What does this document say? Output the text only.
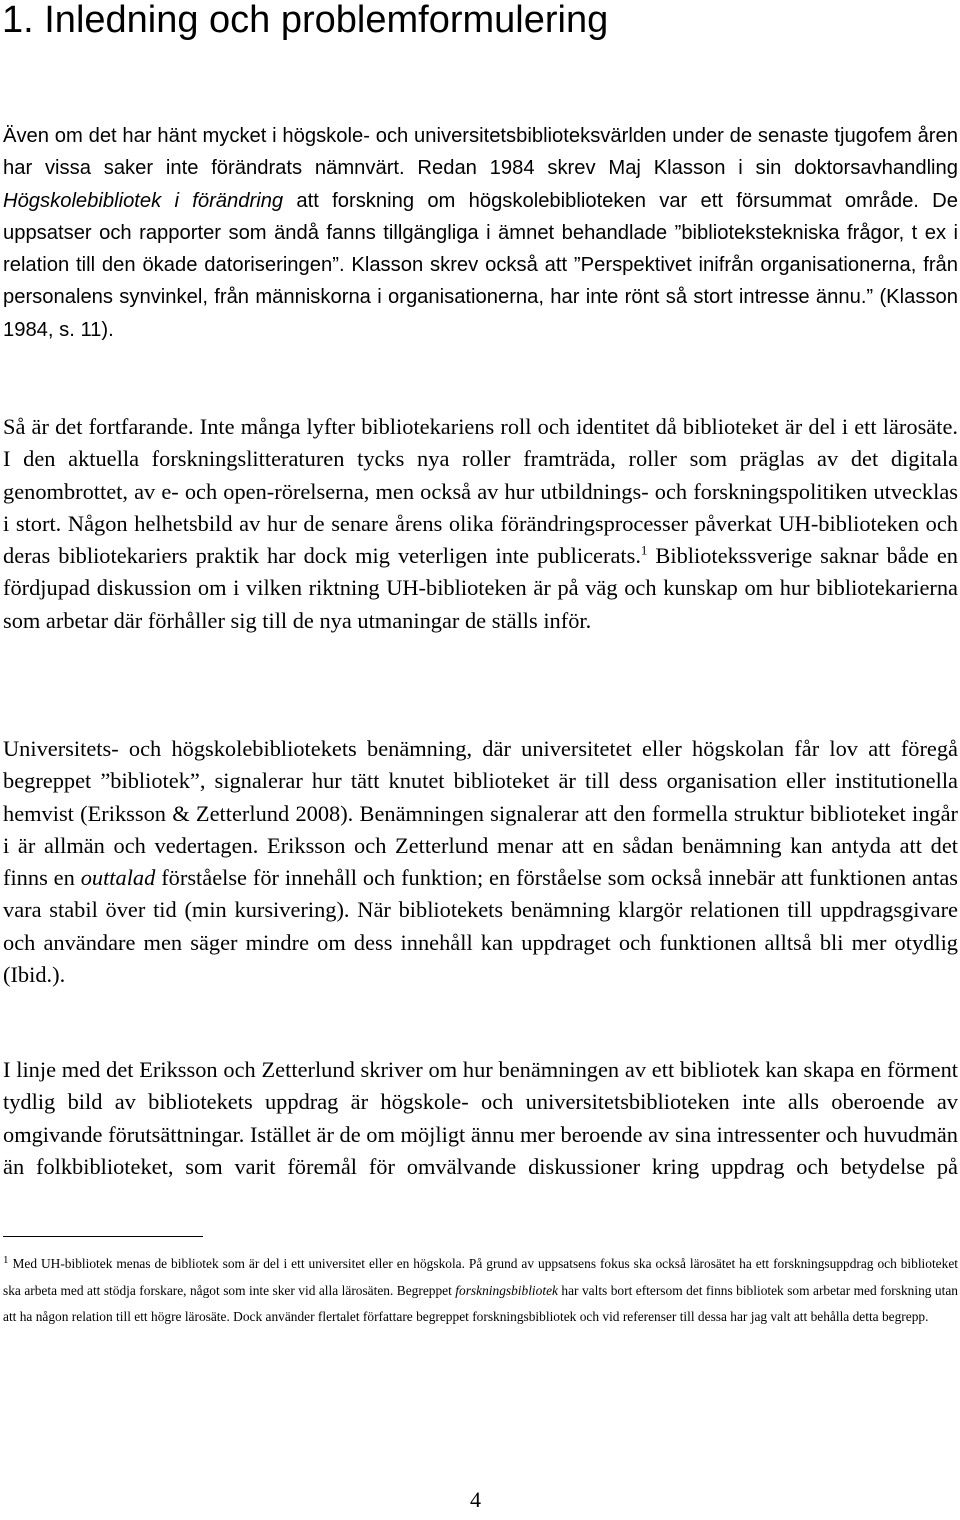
1. Inledning och problemformulering

Även om det har hänt mycket i högskole- och universitetsbiblioteksvärlden under de senaste tjugofem åren har vissa saker inte förändrats nämnvärt. Redan 1984 skrev Maj Klasson i sin doktorsavhandling Högskolebibliotek i förändring att forskning om högskolebiblioteken var ett försummat område. De uppsatser och rapporter som ändå fanns tillgängliga i ämnet behandlade ”bibliotekstekniska frågor, t ex i relation till den ökade datoriseringen”. Klasson skrev också att ”Perspektivet inifrån organisationerna, från personalens synvinkel, från människorna i organisationerna, har inte rönt så stort intresse ännu.” (Klasson 1984, s. 11).

Så är det fortfarande. Inte många lyfter bibliotekariens roll och identitet då biblioteket är del i ett lärosäte. I den aktuella forskningslitteraturen tycks nya roller framträda, roller som präglas av det digitala genombrottet, av e- och open-rörelserna, men också av hur utbildnings- och forskningspolitiken utvecklas i stort. Någon helhetsbild av hur de senare årens olika förändringsprocesser påverkat UH-biblioteken och deras bibliotekariers praktik har dock mig veterligen inte publicerats.$^1$ Bibliotekssverige saknar både en fördjupad diskussion om i vilken riktning UH-biblioteken är på väg och kunskap om hur bibliotekarierna som arbetar där förhåller sig till de nya utmaningar de ställs inför.

Universitets- och högskolebibliotekets benämning, där universitetet eller högskolan får lov att föregå begreppet ”bibliotek”, signalerar hur tätt knutet biblioteket är till dess organisation eller institutionella hemvist (Eriksson & Zetterlund 2008). Benämningen signalerar att den formella struktur biblioteket ingår i är allmän och vedertagen. Eriksson och Zetterlund menar att en sådan benämning kan antyda att det finns en outtalad förståelse för innehåll och funktion; en förståelse som också innebär att funktionen antas vara stabil över tid (min kursivering). När bibliotekets benämning klargör relationen till uppdragsgivare och användare men säger mindre om dess innehåll kan uppdraget och funktionen alltså bli mer otydlig (Ibid.).

I linje med det Eriksson och Zetterlund skriver om hur benämningen av ett bibliotek kan skapa en förment tydlig bild av bibliotekets uppdrag är högskole- och universitetsbiblioteken inte alls oberoende av omgivande förutsättningar. Istället är de om möjligt ännu mer beroende av sina intressenter och huvudmän än folkbiblioteket, som varit föremål för omvälvande diskussioner kring uppdrag och betydelse på

$^1$ Med UH-bibliotek menas de bibliotek som är del i ett universitet eller en högskola. På grund av uppsatsens fokus ska också lärosätet ha ett forskningsuppdrag och biblioteket ska arbeta med att stödja forskare, något som inte sker vid alla lärosäten. Begreppet forskningsbibliotek har valts bort eftersom det finns bibliotek som arbetar med forskning utan att ha någon relation till ett högre lärosäte. Dock använder flertalet författare begreppet forskningsbibliotek och vid referenser till dessa har jag valt att behålla detta begrepp.

4
